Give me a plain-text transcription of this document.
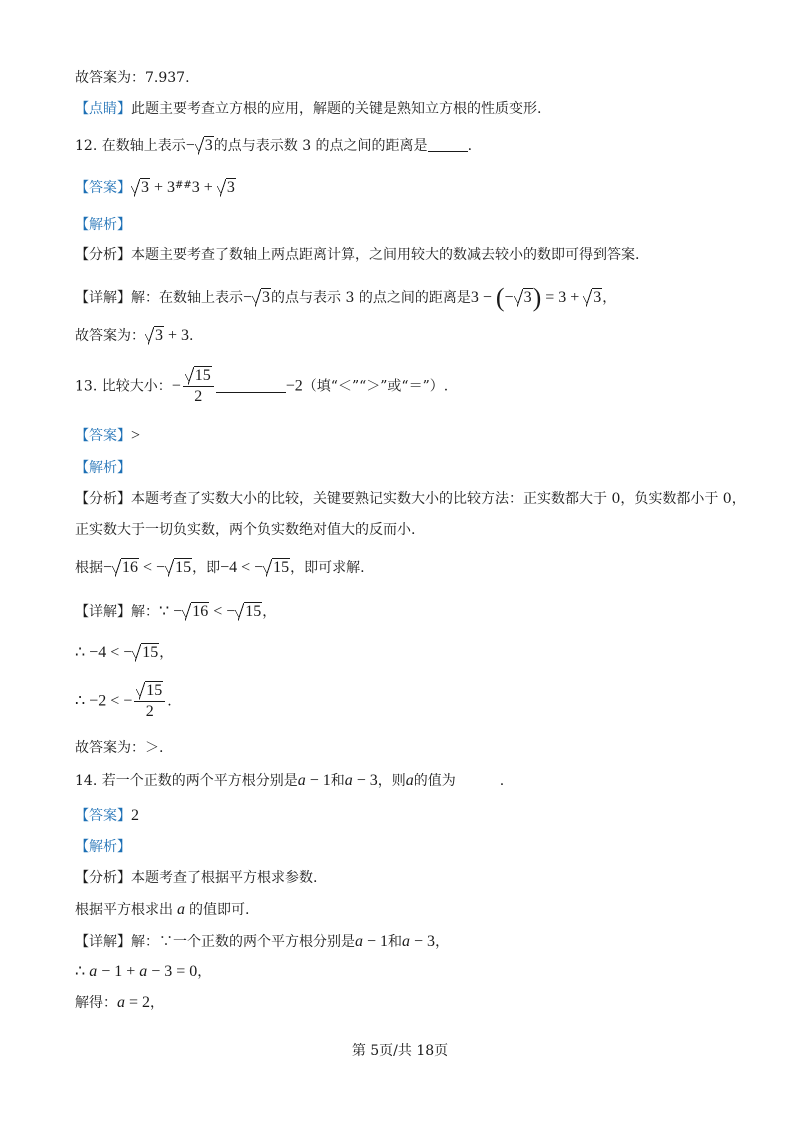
故答案为：7.937.
【点睛】此题主要考查立方根的应用，解题的关键是熟知立方根的性质变形.
12. 在数轴上表示− 3的点与表示数 3 的点之间的距离是	.
【答案】 3 + 3##3 + 3
【解析】
【分析】本题主要考查了数轴上两点距离计算，之间用较大的数减去较小的数即可得到答案.
【详解】解：在数轴上表示− 3的点与表示 3 的点之间的距离是3 − (− 3) = 3 + 3，
故答案为： 3 + 3.
13. 比较大小：− $\frac{15}{2}$	−2（填“＜”“＞”或“＝”）.
【答案】>
【解析】
【分析】本题考查了实数大小的比较，关键要熟记实数大小的比较方法：正实数都大于 0，负实数都小于 0，
正实数大于一切负实数，两个负实数绝对值大的反而小.
根据− 16 < − 15，即−4 < − 15，即可求解.
【详解】解：∵ − 16 < − 15，
∴ −4 < − 15，
∴ −2 < − $\frac{15}{2}$ .
故答案为：＞.
14. 若一个正数的两个平方根分别是a − 1和a − 3，则a的值为	.
【答案】2
【解析】
【分析】本题考查了根据平方根求参数.
根据平方根求出 a 的值即可.
【详解】解：∵一个正数的两个平方根分别是a − 1和a − 3，
∴ a − 1 + a − 3 = 0，
解得：a = 2，
第 5页/共 18页
